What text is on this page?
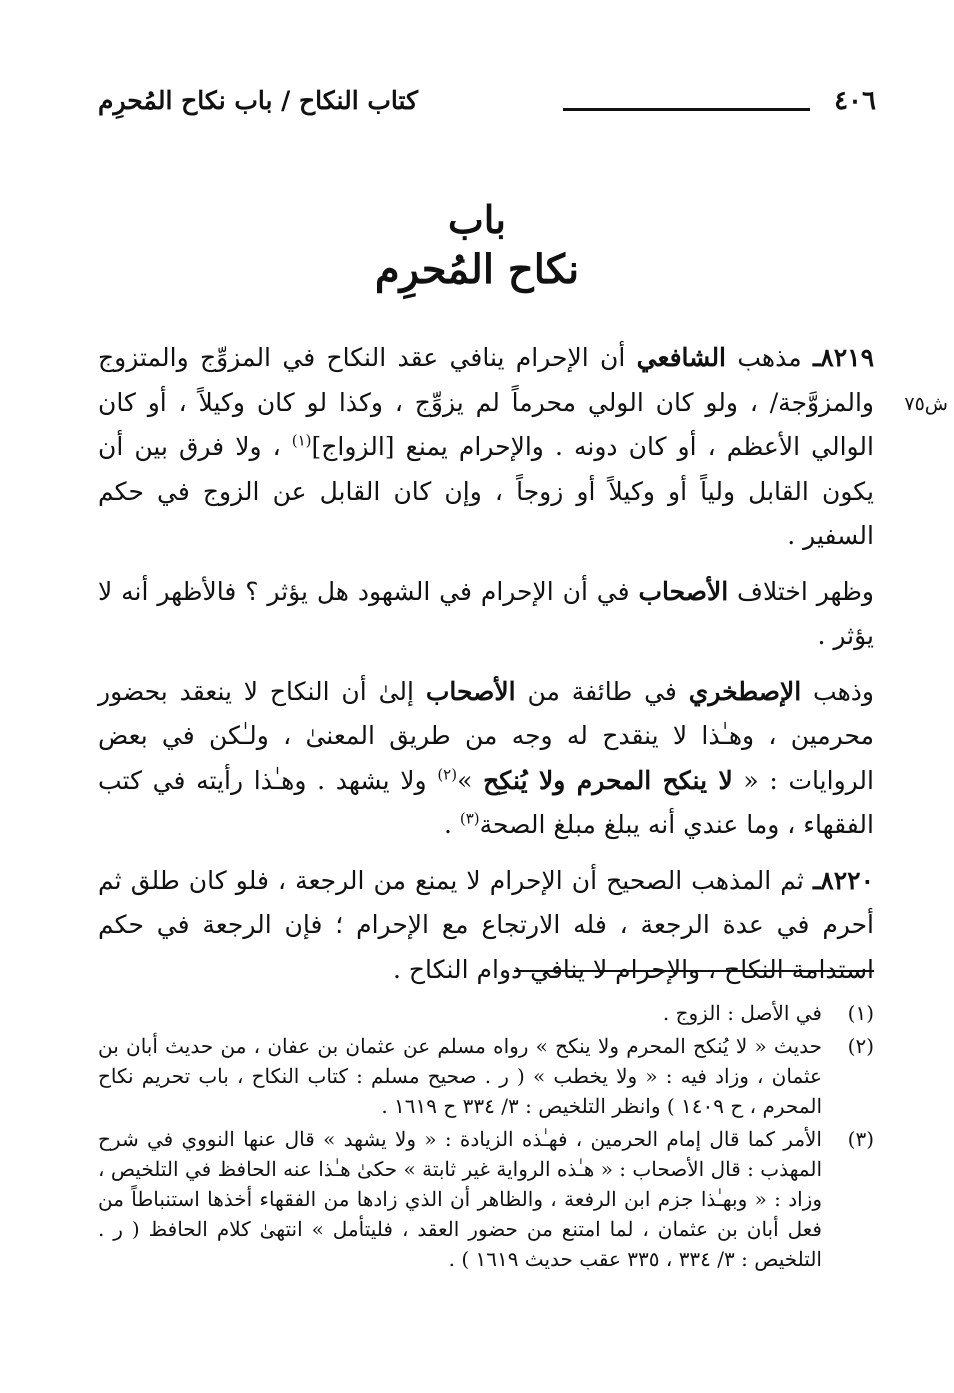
٤٠٦
كتاب النكاح / باب نكاح المُحرِم
باب
نكاح المُحرِم
ش٧٥

٨٢١٩ـ مذهب الشافعي أن الإحرام ينافي عقد النكاح في المزوِّج والمتزوج والمزوَّجة/ ، ولو كان الولي محرماً لم يزوِّج ، وكذا لو كان وكيلاً ، أو كان الوالي الأعظم ، أو كان دونه . والإحرام يمنع [الزواج]$^{(١)}$ ، ولا فرق بين أن يكون القابل ولياً أو وكيلاً أو زوجاً ، وإن كان القابل عن الزوج في حكم السفير .

وظهر اختلاف الأصحاب في أن الإحرام في الشهود هل يؤثر ؟ فالأظهر أنه لا يؤثر .

وذهب الإصطخري في طائفة من الأصحاب إلىٰ أن النكاح لا ينعقد بحضور محرمين ، وهـٰذا لا ينقدح له وجه من طريق المعنىٰ ، ولـٰكن في بعض الروايات : « لا ينكح المحرم ولا يُنكِح »$^{(٢)}$ ولا يشهد . وهـٰذا رأيته في كتب الفقهاء ، وما عندي أنه يبلغ مبلغ الصحة$^{(٣)}$ .

٨٢٢٠ـ ثم المذهب الصحيح أن الإحرام لا يمنع من الرجعة ، فلو كان طلق ثم أحرم في عدة الرجعة ، فله الارتجاع مع الإحرام ؛ فإن الرجعة في حكم استدامة النكاح ، والإحرام لا ينافي دوام النكاح .

(١)
في الأصل : الزوج .
(٢)
حديث « لا يُنكح المحرم ولا ينكح » رواه مسلم عن عثمان بن عفان ، من حديث أبان بن عثمان ، وزاد فيه : « ولا يخطب » ( ر . صحيح مسلم : كتاب النكاح ، باب تحريم نكاح المحرم ، ح ١٤٠٩ ) وانظر التلخيص : ٣/ ٣٣٤ ح ١٦١٩ .
(٣)
الأمر كما قال إمام الحرمين ، فهـٰذه الزيادة : « ولا يشهد » قال عنها النووي في شرح المهذب : قال الأصحاب : « هـٰذه الرواية غير ثابتة » حكىٰ هـٰذا عنه الحافظ في التلخيص ، وزاد : « وبهـٰذا جزم ابن الرفعة ، والظاهر أن الذي زادها من الفقهاء أخذها استنباطاً من فعل أبان بن عثمان ، لما امتنع من حضور العقد ، فليتأمل » انتهىٰ كلام الحافظ ( ر . التلخيص : ٣/ ٣٣٤ ، ٣٣٥ عقب حديث ١٦١٩ ) .
